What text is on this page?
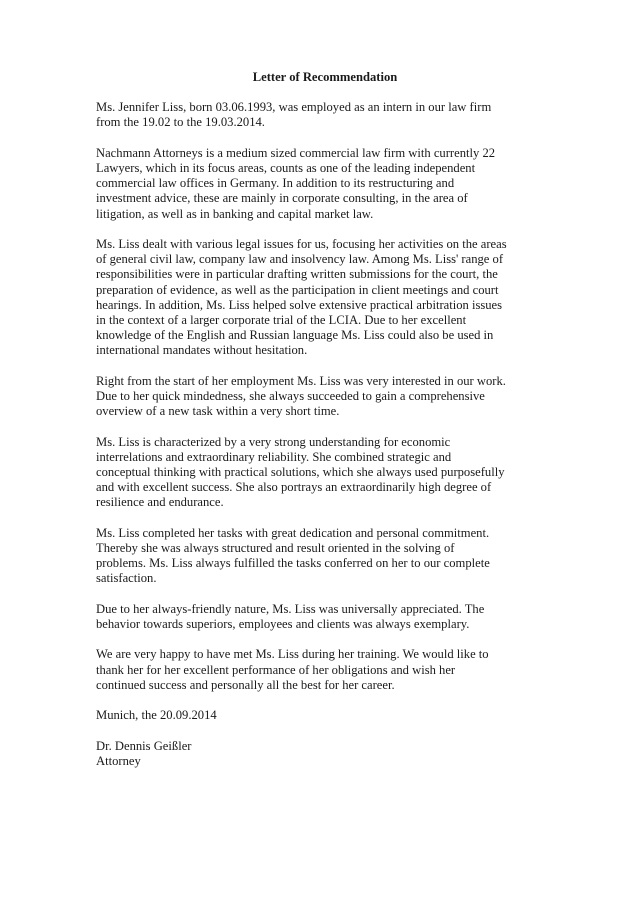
Letter of Recommendation
Ms. Jennifer Liss, born 03.06.1993, was employed as an intern in our law firm
from the 19.02 to the 19.03.2014.
Nachmann Attorneys is a medium sized commercial law firm with currently 22
Lawyers, which in its focus areas, counts as one of the leading independent
commercial law offices in Germany. In addition to its restructuring and
investment advice, these are mainly in corporate consulting, in the area of
litigation, as well as in banking and capital market law.
Ms. Liss dealt with various legal issues for us, focusing her activities on the areas
of general civil law, company law and insolvency law. Among Ms. Liss' range of
responsibilities were in particular drafting written submissions for the court, the
preparation of evidence, as well as the participation in client meetings and court
hearings. In addition, Ms. Liss helped solve extensive practical arbitration issues
in the context of a larger corporate trial of the LCIA. Due to her excellent
knowledge of the English and Russian language Ms. Liss could also be used in
international mandates without hesitation.
Right from the start of her employment Ms. Liss was very interested in our work.
Due to her quick mindedness, she always succeeded to gain a comprehensive
overview of a new task within a very short time.
Ms. Liss is characterized by a very strong understanding for economic
interrelations and extraordinary reliability. She combined strategic and
conceptual thinking with practical solutions, which she always used purposefully
and with excellent success. She also portrays an extraordinarily high degree of
resilience and endurance.
Ms. Liss completed her tasks with great dedication and personal commitment.
Thereby she was always structured and result oriented in the solving of
problems. Ms. Liss always fulfilled the tasks conferred on her to our complete
satisfaction.
Due to her always-friendly nature, Ms. Liss was universally appreciated. The
behavior towards superiors, employees and clients was always exemplary.
We are very happy to have met Ms. Liss during her training. We would like to
thank her for her excellent performance of her obligations and wish her
continued success and personally all the best for her career.
Munich, the 20.09.2014
Dr. Dennis Geißler
Attorney
